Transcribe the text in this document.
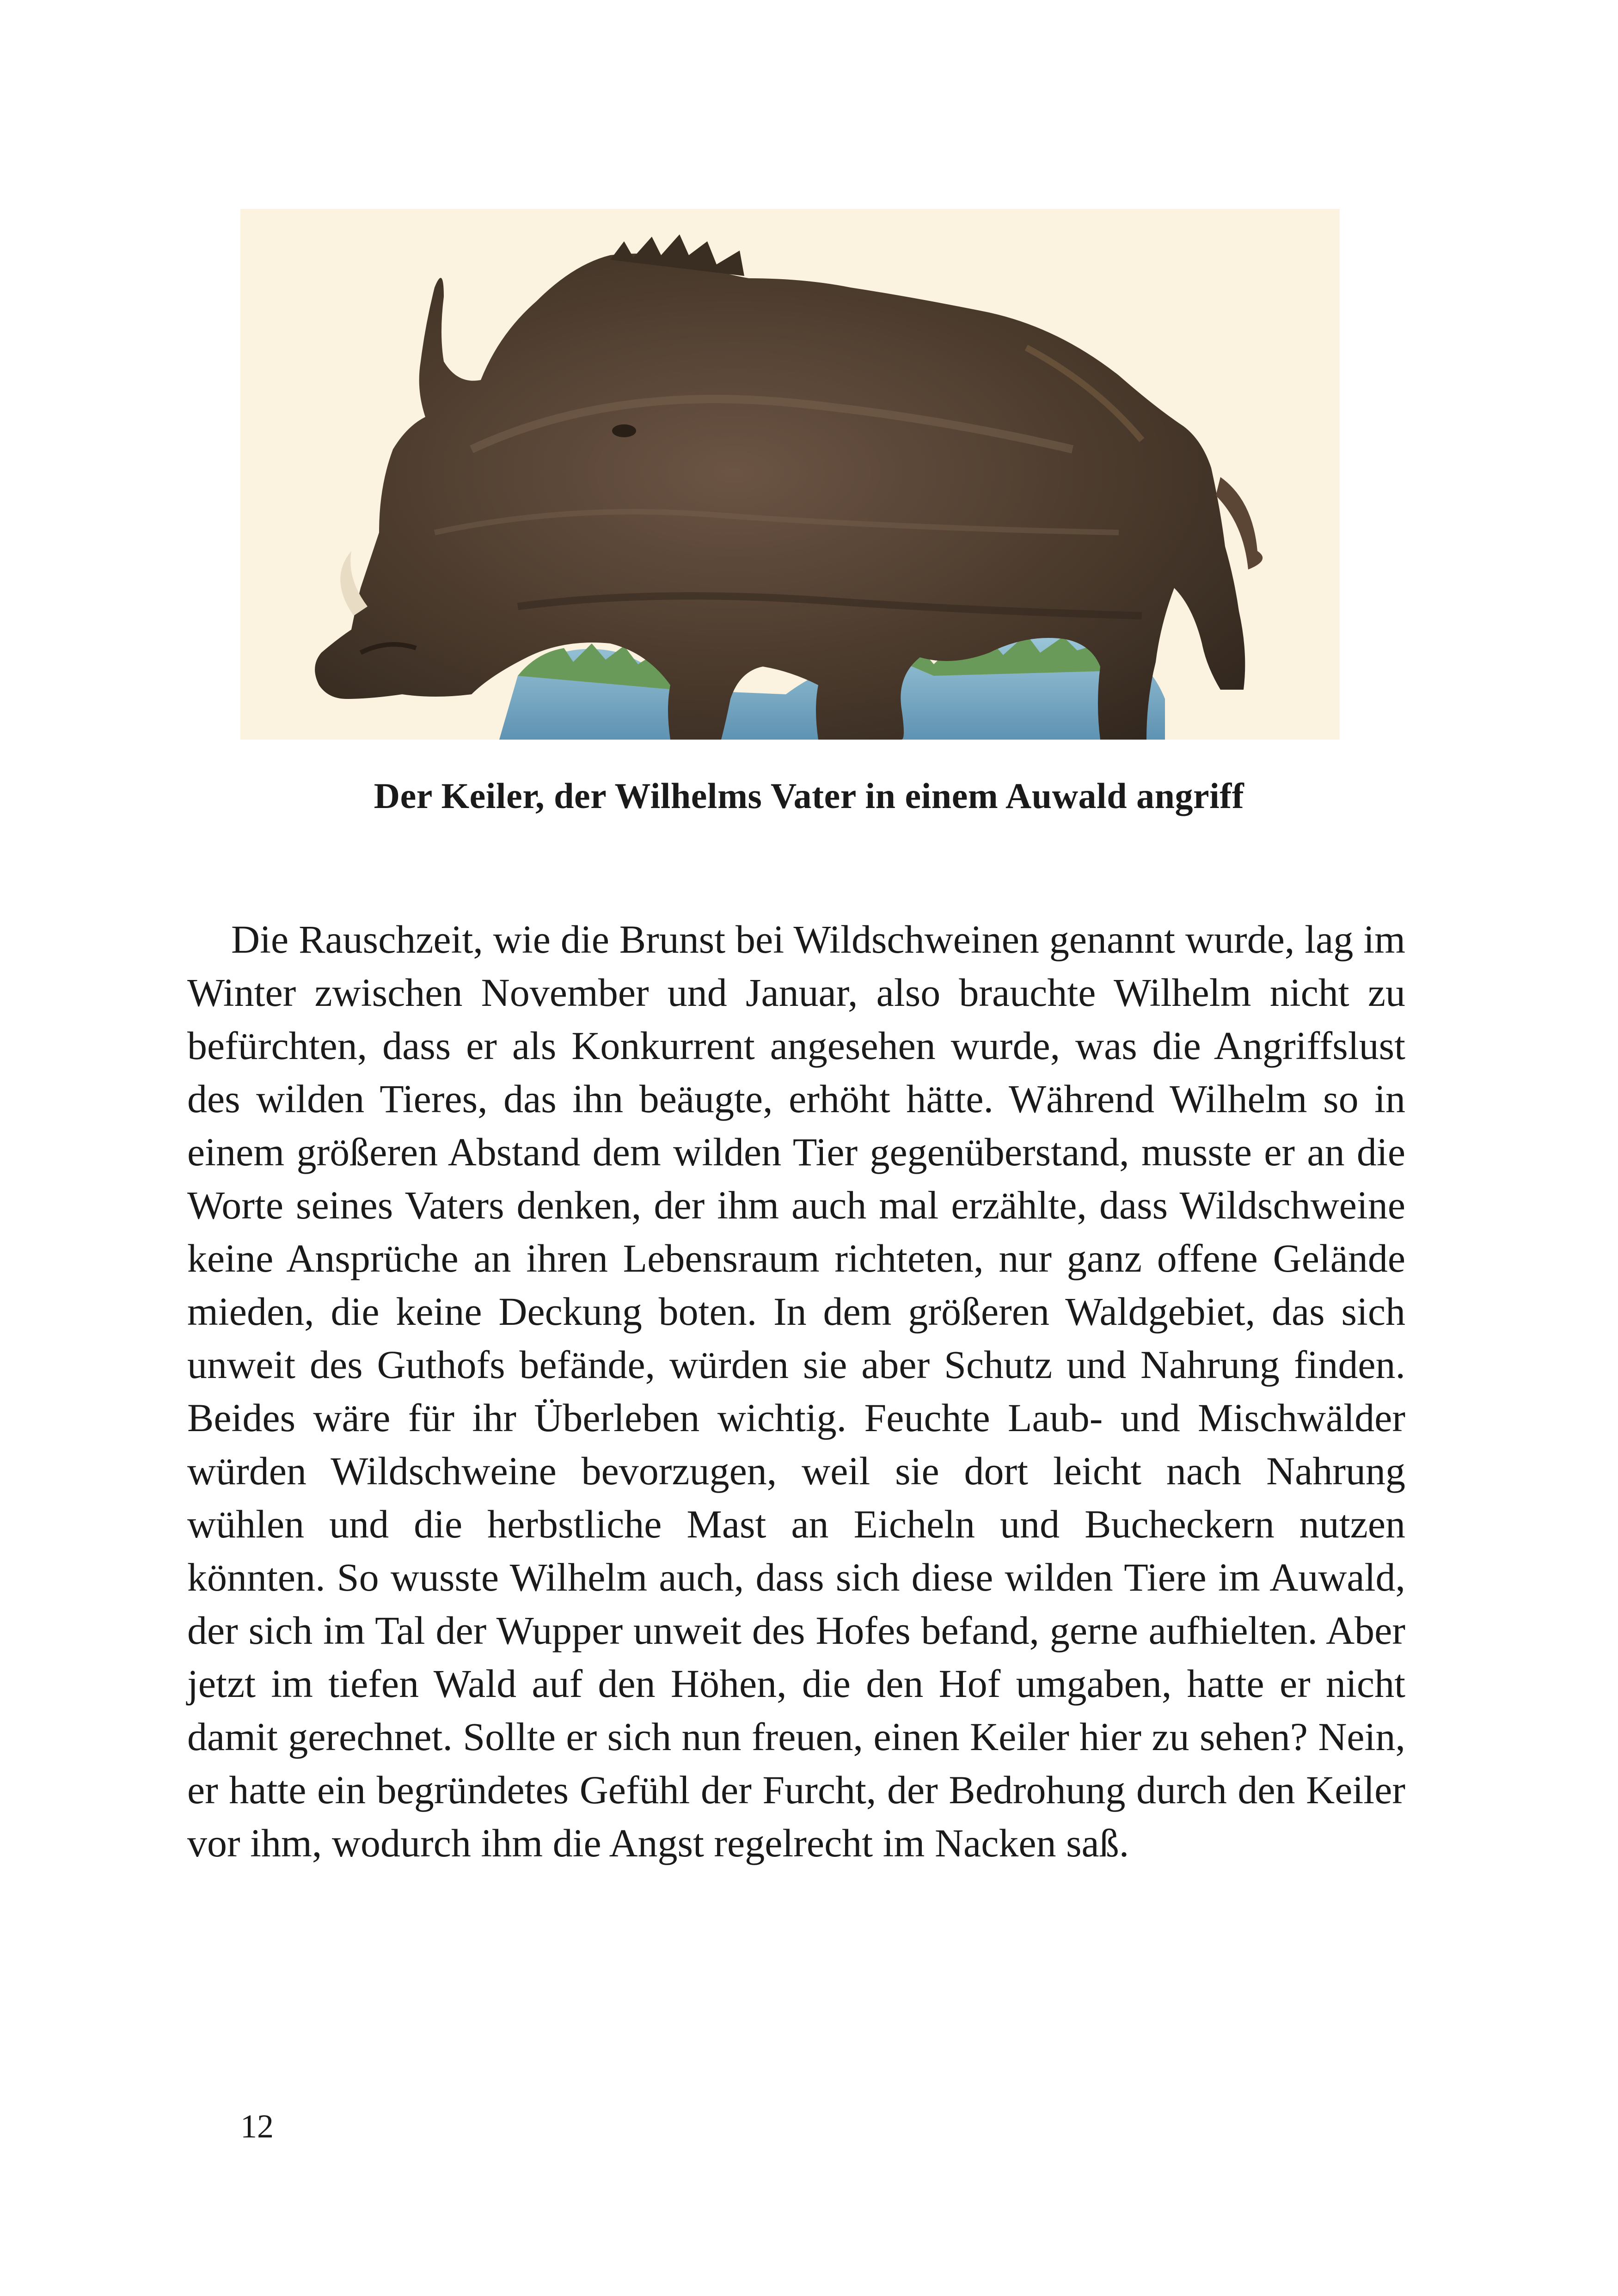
Der Keiler, der Wilhelms Vater in einem Auwald angriff

Die Rauschzeit, wie die Brunst bei Wildschweinen genannt wurde, lag im Winter zwischen November und Januar, also brauchte Wilhelm nicht zu befürchten, dass er als Konkurrent angesehen wurde, was die Angriffslust des wilden Tieres, das ihn beäugte, erhöht hätte. Während Wilhelm so in einem größeren Abstand dem wilden Tier gegenüberstand, musste er an die Worte seines Vaters denken, der ihm auch mal erzählte, dass Wildschweine keine Ansprüche an ihren Lebensraum richteten, nur ganz offene Gelände mieden, die keine Deckung boten. In dem größeren Waldgebiet, das sich unweit des Guthofs befände, würden sie aber Schutz und Nahrung finden. Beides wäre für ihr Überleben wichtig. Feuchte Laub- und Mischwälder würden Wildschweine bevorzugen, weil sie dort leicht nach Nahrung wühlen und die herbstliche Mast an Eicheln und Bucheckern nutzen könnten. So wusste Wilhelm auch, dass sich diese wilden Tiere im Auwald, der sich im Tal der Wupper unweit des Hofes befand, gerne aufhielten. Aber jetzt im tiefen Wald auf den Höhen, die den Hof umgaben, hatte er nicht damit gerechnet. Sollte er sich nun freuen, einen Keiler hier zu sehen? Nein, er hatte ein begründetes Gefühl der Furcht, der Bedrohung durch den Keiler vor ihm, wodurch ihm die Angst regelrecht im Nacken saß.

12
